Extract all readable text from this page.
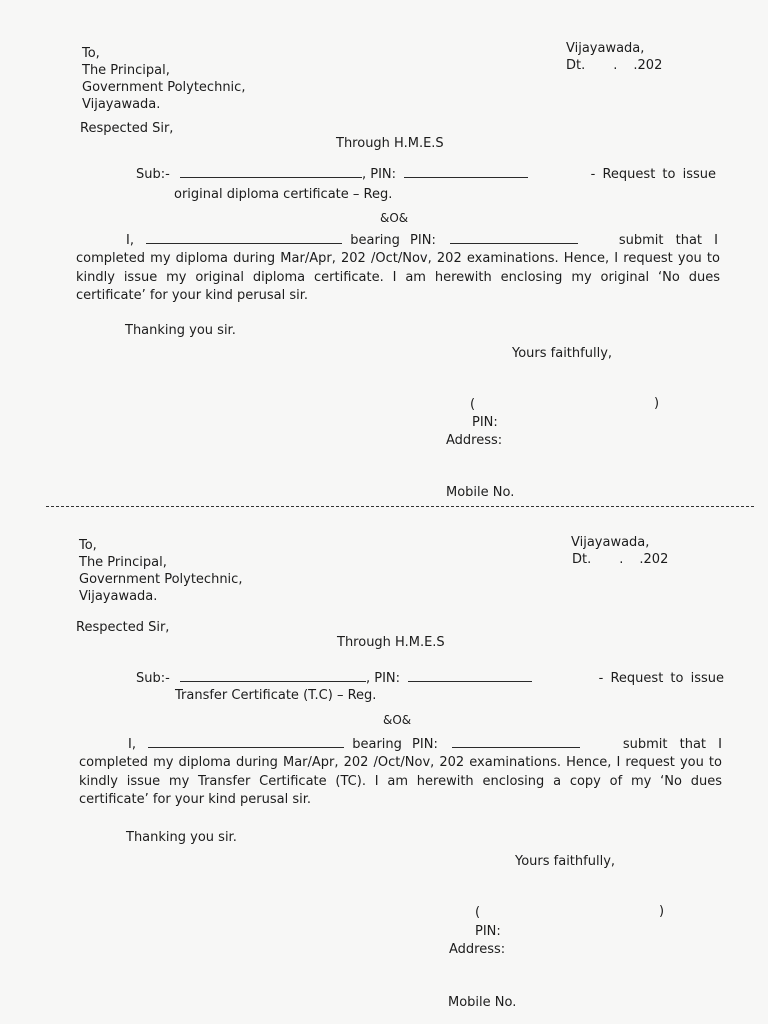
To,
The Principal,
Government Polytechnic,
Vijayawada.
Vijayawada,
Dt. . .202
Respected Sir,
Through H.M.E.S
Sub:-	, PIN:	- Request to issue
original diploma certificate – Reg.
&O&
I,	bearing PIN:	submit that I
completed my diploma during Mar/Apr, 202 /Oct/Nov, 202 examinations. Hence, I request you to kindly issue my original diploma certificate. I am herewith enclosing my original ‘No dues certificate’ for your kind perusal sir.
Thanking you sir.
Yours faithfully,
(	)
PIN:
Address:
Mobile No.
To,
The Principal,
Government Polytechnic,
Vijayawada.
Vijayawada,
Dt. . .202
Respected Sir,
Through H.M.E.S
Sub:-	, PIN:	- Request to issue
Transfer Certificate (T.C) – Reg.
&O&
I,	bearing PIN:	submit that I
completed my diploma during Mar/Apr, 202 /Oct/Nov, 202 examinations. Hence, I request you to kindly issue my Transfer Certificate (TC). I am herewith enclosing a copy of my ‘No dues certificate’ for your kind perusal sir.
Thanking you sir.
Yours faithfully,
(	)
PIN:
Address:
Mobile No.
